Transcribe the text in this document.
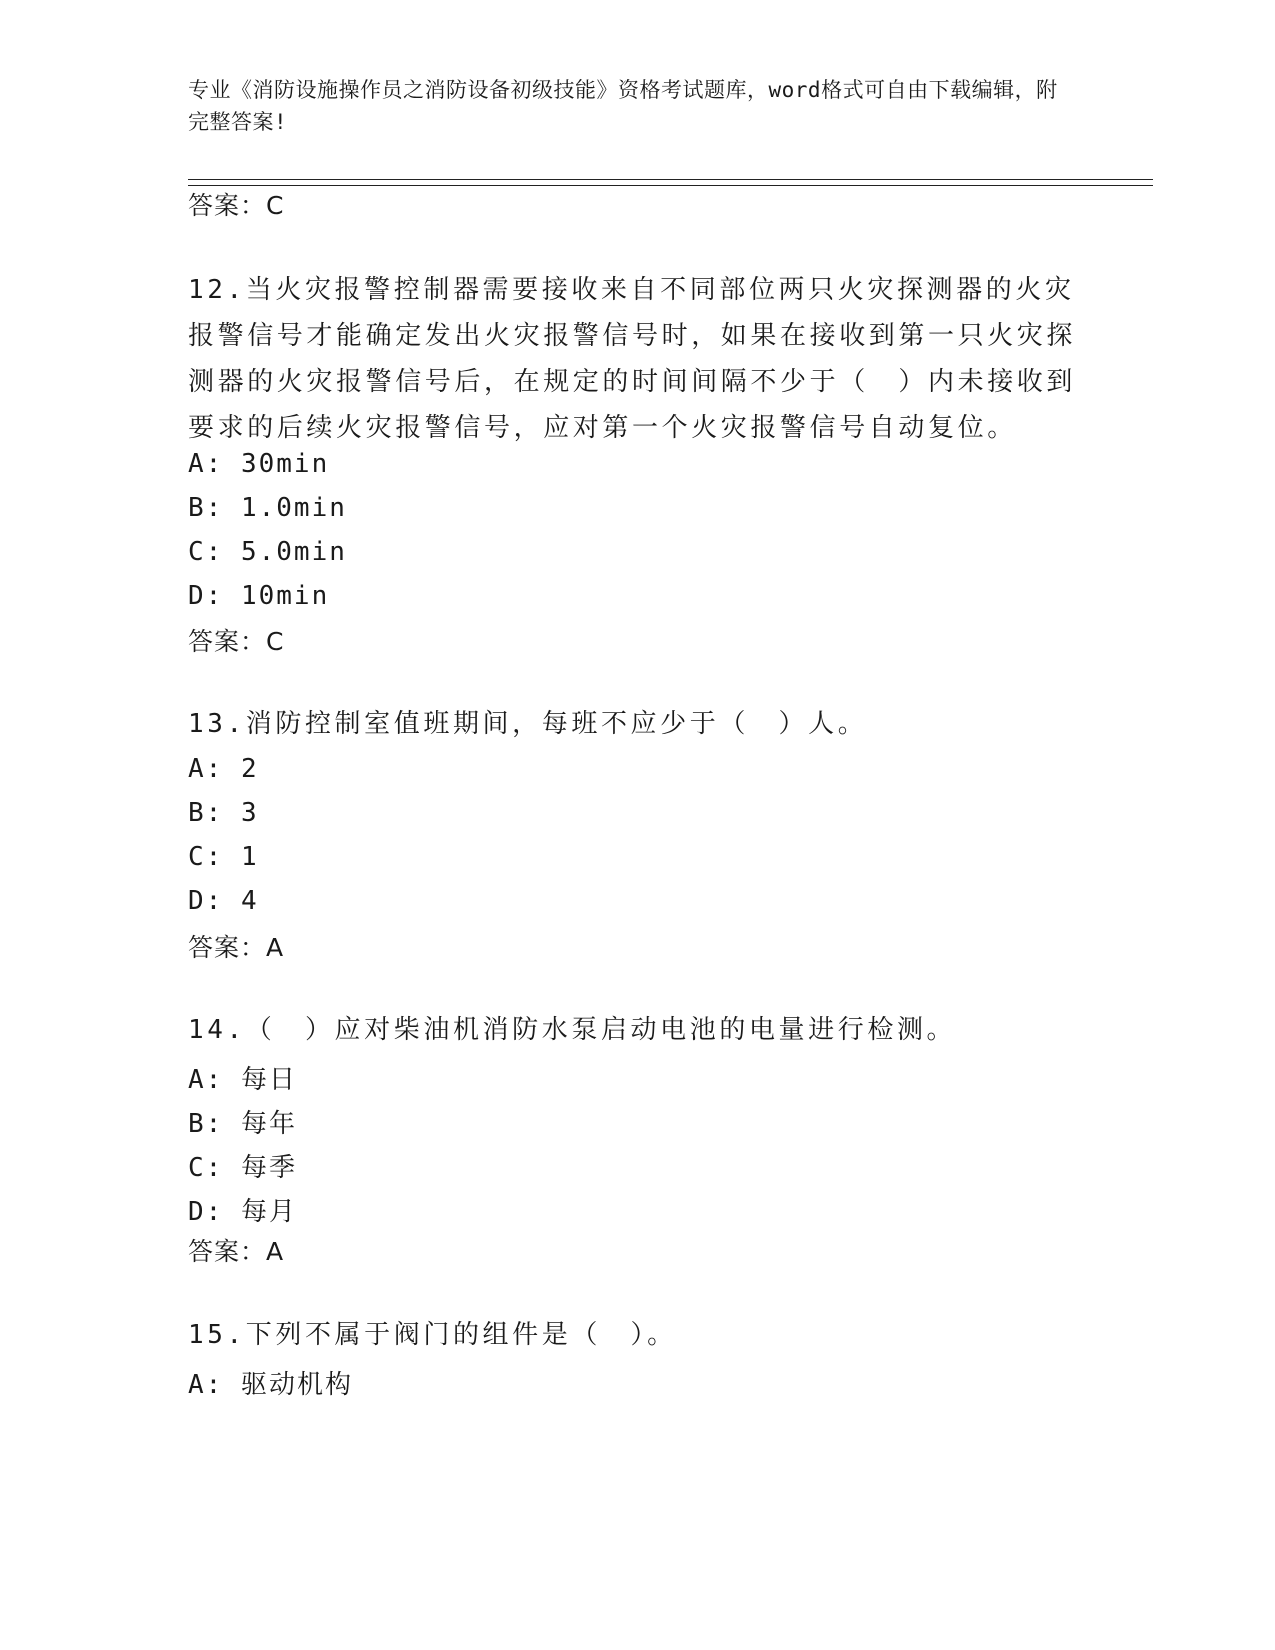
专业《消防设施操作员之消防设备初级技能》资格考试题库，word格式可自由下载编辑，附完整答案!
答案：C
12.当火灾报警控制器需要接收来自不同部位两只火灾探测器的火灾报警信号才能确定发出火灾报警信号时，如果在接收到第一只火灾探测器的火灾报警信号后，在规定的时间间隔不少于（　）内未接收到要求的后续火灾报警信号，应对第一个火灾报警信号自动复位。
A: 30min
B: 1.0min
C: 5.0min
D: 10min
答案：C
13.消防控制室值班期间，每班不应少于（　）人。
A: 2
B: 3
C: 1
D: 4
答案：A
14.（　）应对柴油机消防水泵启动电池的电量进行检测。
A: 每日
B: 每年
C: 每季
D: 每月
答案：A
15.下列不属于阀门的组件是（　）。
A: 驱动机构
